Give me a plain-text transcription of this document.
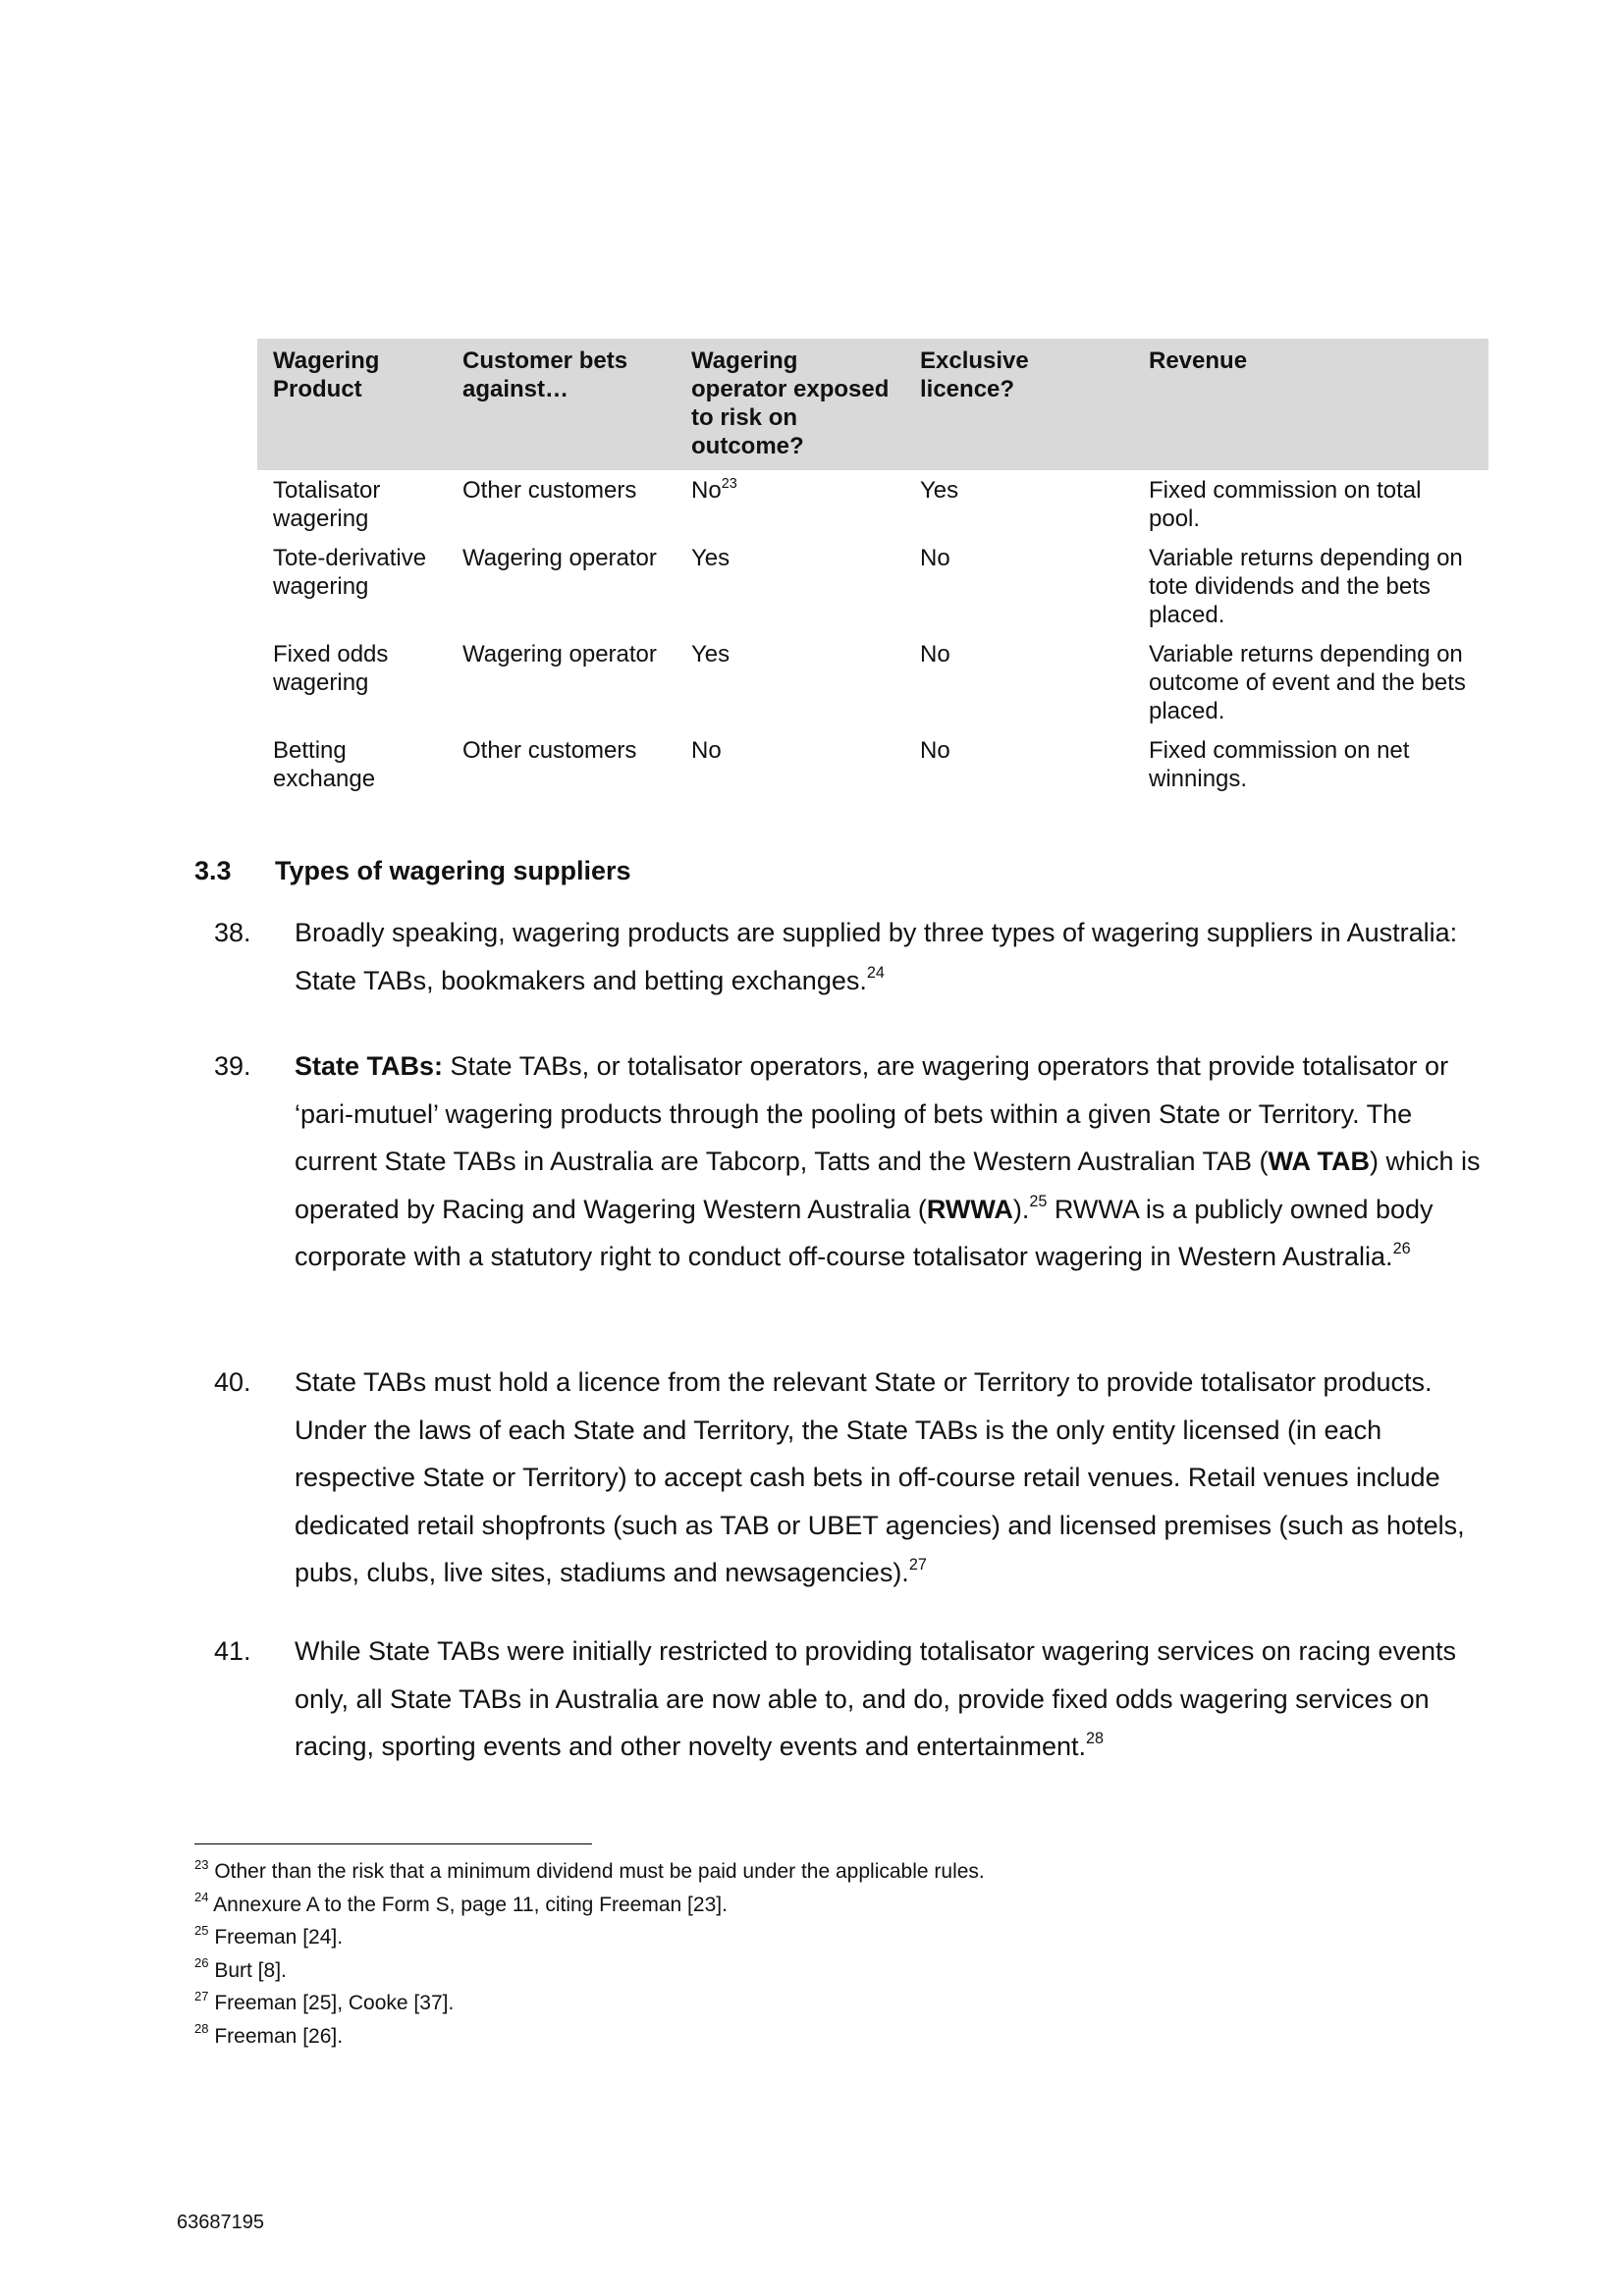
Wagering Product	Customer bets against…	Wagering operator exposed to risk on outcome?	Exclusive licence?	Revenue
Totalisator wagering	Other customers	No$^{23}$	Yes	Fixed commission on total pool.
Tote-derivative wagering	Wagering operator	Yes	No	Variable returns depending on tote dividends and the bets placed.
Fixed odds wagering	Wagering operator	Yes	No	Variable returns depending on outcome of event and the bets placed.
Betting exchange	Other customers	No	No	Fixed commission on net winnings.
3.3 Types of wagering suppliers
38.	Broadly speaking, wagering products are supplied by three types of wagering suppliers in Australia: State TABs, bookmakers and betting exchanges.$^{24}$
39.	State TABs: State TABs, or totalisator operators, are wagering operators that provide totalisator or ‘pari-mutuel’ wagering products through the pooling of bets within a given State or Territory. The current State TABs in Australia are Tabcorp, Tatts and the Western Australian TAB (WA TAB) which is operated by Racing and Wagering Western Australia (RWWA).$^{25}$ RWWA is a publicly owned body corporate with a statutory right to conduct off-course totalisator wagering in Western Australia.$^{26}$
40.	State TABs must hold a licence from the relevant State or Territory to provide totalisator products. Under the laws of each State and Territory, the State TABs is the only entity licensed (in each respective State or Territory) to accept cash bets in off-course retail venues. Retail venues include dedicated retail shopfronts (such as TAB or UBET agencies) and licensed premises (such as hotels, pubs, clubs, live sites, stadiums and newsagencies).$^{27}$
41.	While State TABs were initially restricted to providing totalisator wagering services on racing events only, all State TABs in Australia are now able to, and do, provide fixed odds wagering services on racing, sporting events and other novelty events and entertainment.$^{28}$
$^{23}$ Other than the risk that a minimum dividend must be paid under the applicable rules.
$^{24}$ Annexure A to the Form S, page 11, citing Freeman [23].
$^{25}$ Freeman [24].
$^{26}$ Burt [8].
$^{27}$ Freeman [25], Cooke [37].
$^{28}$ Freeman [26].
63687195
